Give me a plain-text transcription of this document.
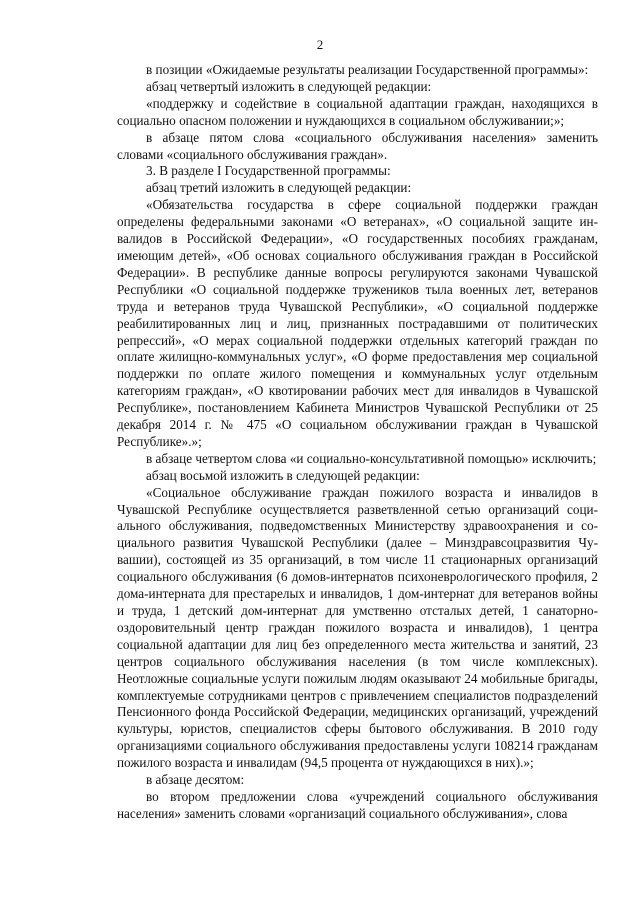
2

в позиции «Ожидаемые результаты реализации Государственной программы»:

абзац четвертый изложить в следующей редакции:

«поддержку и содействие в социальной адаптации граждан, находящихся в социально опасном положении и нуждающихся в социальном обслуживании;»;

в абзаце пятом слова «социального обслуживания населения» заменить словами «социального обслуживания граждан».

3. В разделе I Государственной программы:

абзац третий изложить в следующей редакции:

«Обязательства государства в сфере социальной поддержки граждан определены федеральными законами «О ветеранах», «О социальной защите инвалидов в Российской Федерации», «О государственных пособиях гражданам, имеющим детей», «Об основах социального обслуживания граждан в Российской Федерации». В республике данные вопросы регулируются законами Чувашской Республики «О социальной поддержке тружеников тыла военных лет, ветеранов труда и ветеранов труда Чувашской Республики», «О социальной поддержке реабилитированных лиц и лиц, признанных пострадавшими от политических репрессий», «О мерах социальной поддержки отдельных категорий граждан по оплате жилищно-коммунальных услуг», «О форме предоставления мер социальной поддержки по оплате жилого помещения и коммунальных услуг отдельным категориям граждан», «О квотировании рабочих мест для инвалидов в Чувашской Республике», постановлением Кабинета Министров Чувашской Республики от 25 декабря 2014 г. № 475 «О социальном обслуживании граждан в Чувашской Республике».»;

в абзаце четвертом слова «и социально-консультативной помощью» исключить;

абзац восьмой изложить в следующей редакции:

«Социальное обслуживание граждан пожилого возраста и инвалидов в Чувашской Республике осуществляется разветвленной сетью организаций социального обслуживания, подведомственных Министерству здравоохранения и социального развития Чувашской Республики (далее – Минздравсоцразвития Чувашии), состоящей из 35 организаций, в том числе 11 стационарных организаций социального обслуживания (6 домов-интернатов психоневрологического профиля, 2 дома-интерната для престарелых и инвалидов, 1 дом-интернат для ветеранов войны и труда, 1 детский дом-интернат для умственно отсталых детей, 1 санаторно-оздоровительный центр граждан пожилого возраста и инвалидов), 1 центра социальной адаптации для лиц без определенного места жительства и занятий, 23 центров социального обслуживания населения (в том числе комплексных). Неотложные социальные услуги пожилым людям оказывают 24 мобильные бригады, комплектуемые сотрудниками центров с привлечением специалистов подразделений Пенсионного фонда Российской Федерации, медицинских организаций, учреждений культуры, юристов, специалистов сферы бытового обслуживания. В 2010 году организациями социального обслуживания предоставлены услуги 108214 гражданам пожилого возраста и инвалидам (94,5 процента от нуждающихся в них).»;

в абзаце десятом:

во втором предложении слова «учреждений социального обслуживания населения» заменить словами «организаций социального обслуживания», слова
